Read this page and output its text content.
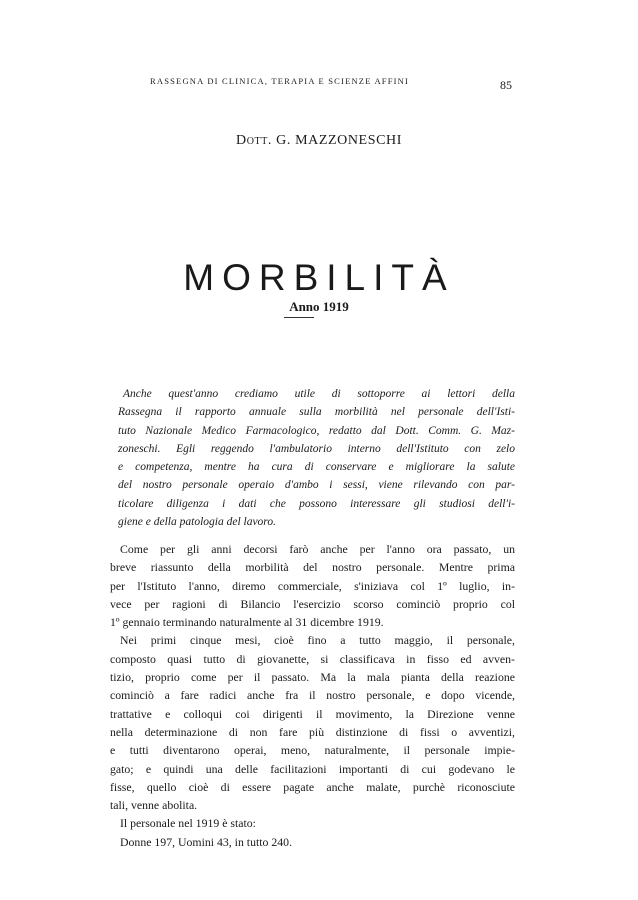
RASSEGNA DI CLINICA, TERAPIA E SCIENZE AFFINI	85
Dott. G. MAZZONESCHI
MORBILITÀ
Anno 1919
Anche quest'anno crediamo utile di sottoporre ai lettori della
Rassegna il rapporto annuale sulla morbilità nel personale dell'Isti-
tuto Nazionale Medico Farmacologico, redatto dal Dott. Comm. G. Maz-
zoneschi. Egli reggendo l'ambulatorio interno dell'Istituto con zelo
e competenza, mentre ha cura di conservare e migliorare la salute
del nostro personale operaio d'ambo i sessi, viene rilevando con par-
ticolare diligenza i dati che possono interessare gli studiosi dell'i-
giene e della patologia del lavoro.
Come per gli anni decorsi farò anche per l'anno ora passato, un
breve riassunto della morbilità del nostro personale. Mentre prima
per l'Istituto l'anno, diremo commerciale, s'iniziava col 1º luglio, in-
vece per ragioni di Bilancio l'esercizio scorso cominciò proprio col
1º gennaio terminando naturalmente al 31 dicembre 1919.
Nei primi cinque mesi, cioè fino a tutto maggio, il personale,
composto quasi tutto di giovanette, si classificava in fisso ed avven-
tizio, proprio come per il passato. Ma la mala pianta della reazione
cominciò a fare radici anche fra il nostro personale, e dopo vicende,
trattative e colloqui coi dirigenti il movimento, la Direzione venne
nella determinazione di non fare più distinzione di fissi o avventizi,
e tutti diventarono operai, meno, naturalmente, il personale impie-
gato; e quindi una delle facilitazioni importanti di cui godevano le
fisse, quello cioè di essere pagate anche malate, purchè riconosciute
tali, venne abolita.
Il personale nel 1919 è stato:
Donne 197, Uomini 43, in tutto 240.
